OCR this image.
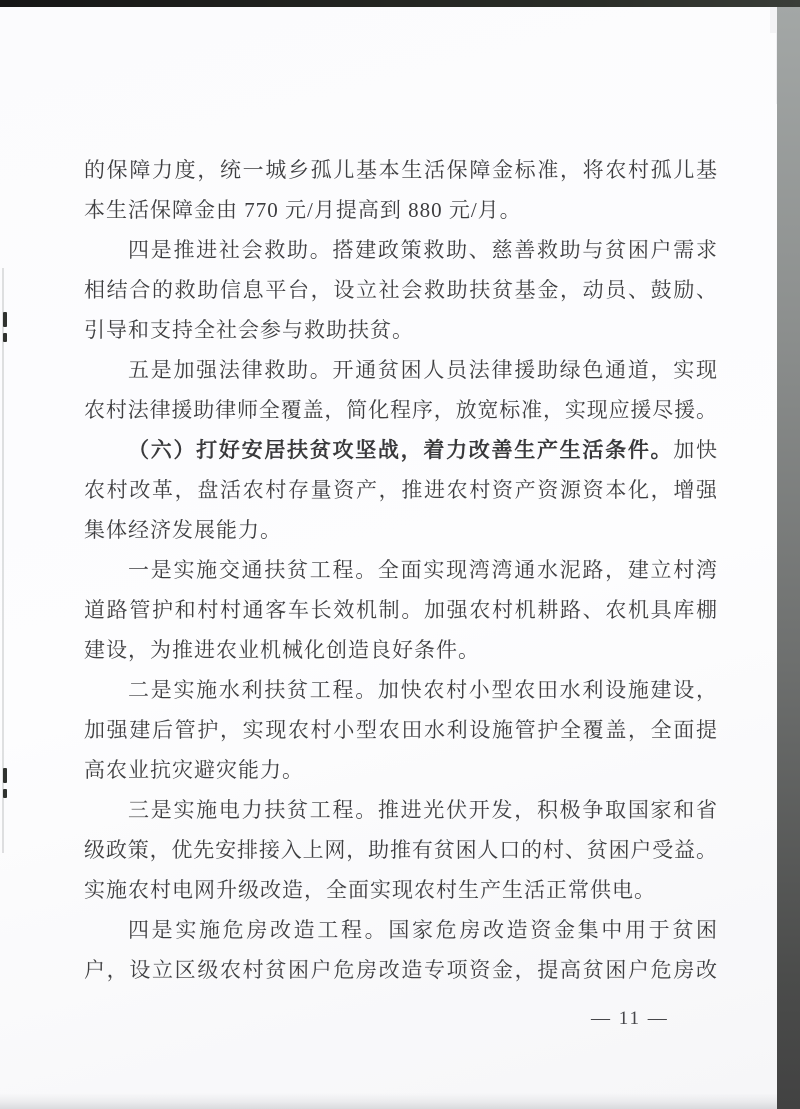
的保障力度，统一城乡孤儿基本生活保障金标准，将农村孤儿基
本生活保障金由 770 元/月提高到 880 元/月。
四是推进社会救助。搭建政策救助、慈善救助与贫困户需求
相结合的救助信息平台，设立社会救助扶贫基金，动员、鼓励、
引导和支持全社会参与救助扶贫。
五是加强法律救助。开通贫困人员法律援助绿色通道，实现
农村法律援助律师全覆盖，简化程序，放宽标准，实现应援尽援。
（六）打好安居扶贫攻坚战，着力改善生产生活条件。加快
农村改革，盘活农村存量资产，推进农村资产资源资本化，增强
集体经济发展能力。
一是实施交通扶贫工程。全面实现湾湾通水泥路，建立村湾
道路管护和村村通客车长效机制。加强农村机耕路、农机具库棚
建设，为推进农业机械化创造良好条件。
二是实施水利扶贫工程。加快农村小型农田水利设施建设，
加强建后管护，实现农村小型农田水利设施管护全覆盖，全面提
高农业抗灾避灾能力。
三是实施电力扶贫工程。推进光伏开发，积极争取国家和省
级政策，优先安排接入上网，助推有贫困人口的村、贫困户受益。
实施农村电网升级改造，全面实现农村生产生活正常供电。
四是实施危房改造工程。国家危房改造资金集中用于贫困
户，设立区级农村贫困户危房改造专项资金，提高贫困户危房改
— 11 —
